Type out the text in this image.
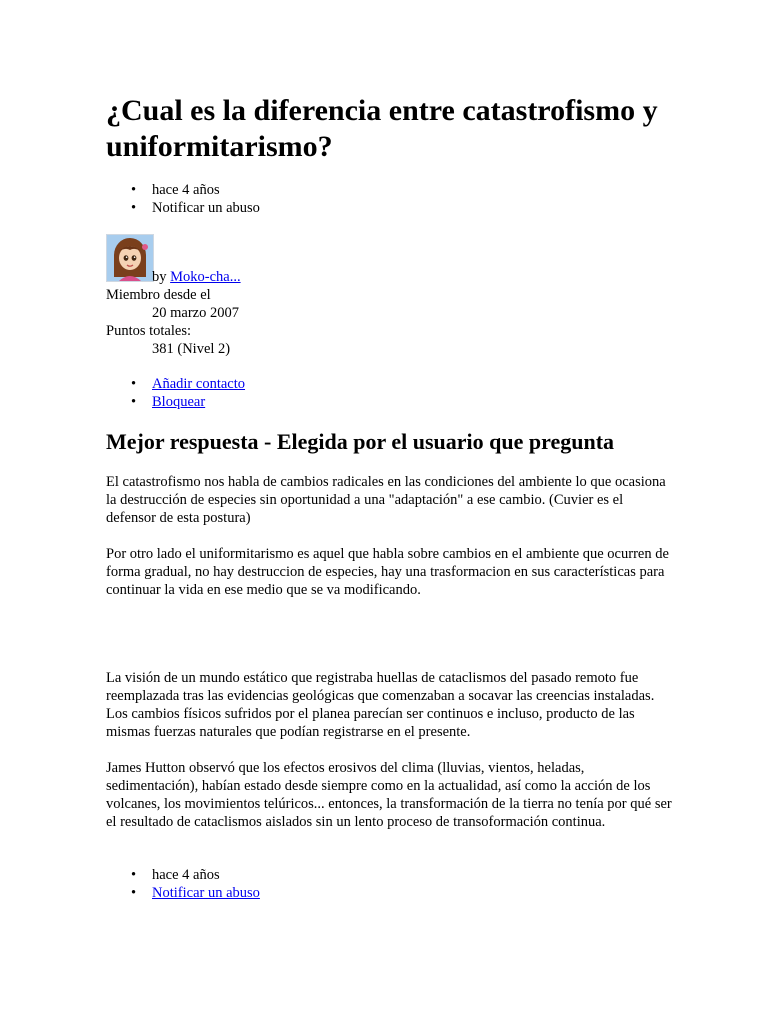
¿Cual es la diferencia entre catastrofismo y uniformitarismo?
• hace 4 años
• Notificar un abuso
by Moko-cha...
Miembro desde el
20 marzo 2007
Puntos totales:
381 (Nivel 2)
• Añadir contacto
• Bloquear
Mejor respuesta - Elegida por el usuario que pregunta

El catastrofismo nos habla de cambios radicales en las condiciones del ambiente lo que ocasiona la destrucción de especies sin oportunidad a una "adaptación" a ese cambio. (Cuvier es el defensor de esta postura)

Por otro lado el uniformitarismo es aquel que habla sobre cambios en el ambiente que ocurren de forma gradual, no hay destruccion de especies, hay una trasformacion en sus características para continuar la vida en ese medio que se va modificando.

La visión de un mundo estático que registraba huellas de cataclismos del pasado remoto fue reemplazada tras las evidencias geológicas que comenzaban a socavar las creencias instaladas. Los cambios físicos sufridos por el planea parecían ser continuos e incluso, producto de las mismas fuerzas naturales que podían registrarse en el presente.

James Hutton observó que los efectos erosivos del clima (lluvias, vientos, heladas, sedimentación), habían estado desde siempre como en la actualidad, así como la acción de los volcanes, los movimientos telúricos... entonces, la transformación de la tierra no tenía por qué ser el resultado de cataclismos aislados sin un lento proceso de transoformación continua.

• hace 4 años
• Notificar un abuso
